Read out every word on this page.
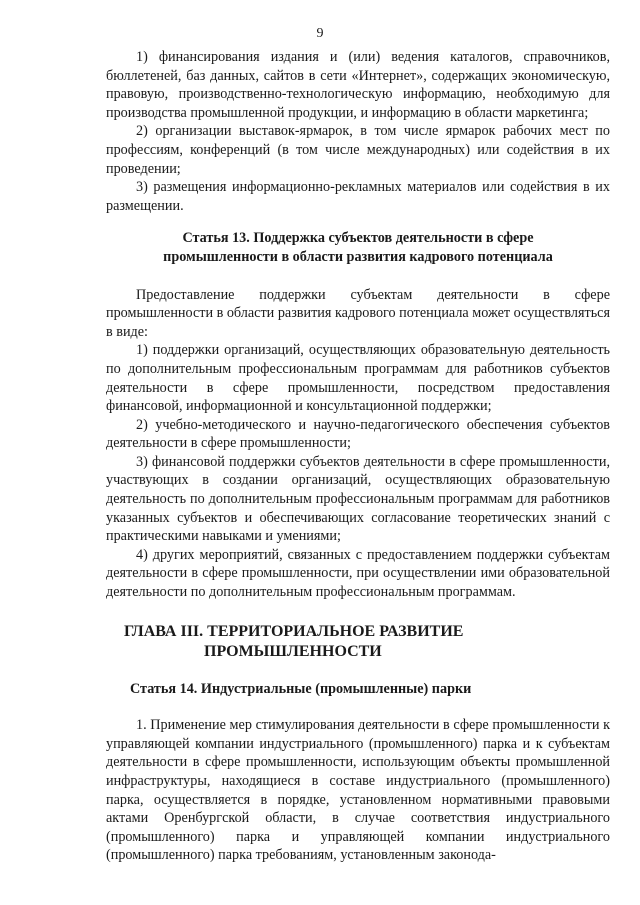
9

1) финансирования издания и (или) ведения каталогов, справочников, бюллетеней, баз данных, сайтов в сети «Интернет», содержащих экономическую, правовую, производственно-технологическую информацию, необходимую для производства промышленной продукции, и информацию в области маркетинга;

2) организации выставок-ярмарок, в том числе ярмарок рабочих мест по профессиям, конференций (в том числе международных) или содействия в их проведении;

3) размещения информационно-рекламных материалов или содействия в их размещении.

Статья 13. Поддержка субъектов деятельности в сфере промышленности в области развития кадрового потенциала

Предоставление поддержки субъектам деятельности в сфере промышленности в области развития кадрового потенциала может осуществляться в виде:

1) поддержки организаций, осуществляющих образовательную деятельность по дополнительным профессиональным программам для работников субъектов деятельности в сфере промышленности, посредством предоставления финансовой, информационной и консультационной поддержки;

2) учебно-методического и научно-педагогического обеспечения субъектов деятельности в сфере промышленности;

3) финансовой поддержки субъектов деятельности в сфере промышленности, участвующих в создании организаций, осуществляющих образовательную деятельность по дополнительным профессиональным программам для работников указанных субъектов и обеспечивающих согласование теоретических знаний с практическими навыками и умениями;

4) других мероприятий, связанных с предоставлением поддержки субъектам деятельности в сфере промышленности, при осуществлении ими образовательной деятельности по дополнительным профессиональным программам.

ГЛАВА III. ТЕРРИТОРИАЛЬНОЕ РАЗВИТИЕ
ПРОМЫШЛЕННОСТИ

Статья 14. Индустриальные (промышленные) парки

1. Применение мер стимулирования деятельности в сфере промышленности к управляющей компании индустриального (промышленного) парка и к субъектам деятельности в сфере промышленности, использующим объекты промышленной инфраструктуры, находящиеся в составе индустриального (промышленного) парка, осуществляется в порядке, установленном нормативными правовыми актами Оренбургской области, в случае соответствия индустриального (промышленного) парка и управляющей компании индустриального (промышленного) парка требованиям, установленным законода-
